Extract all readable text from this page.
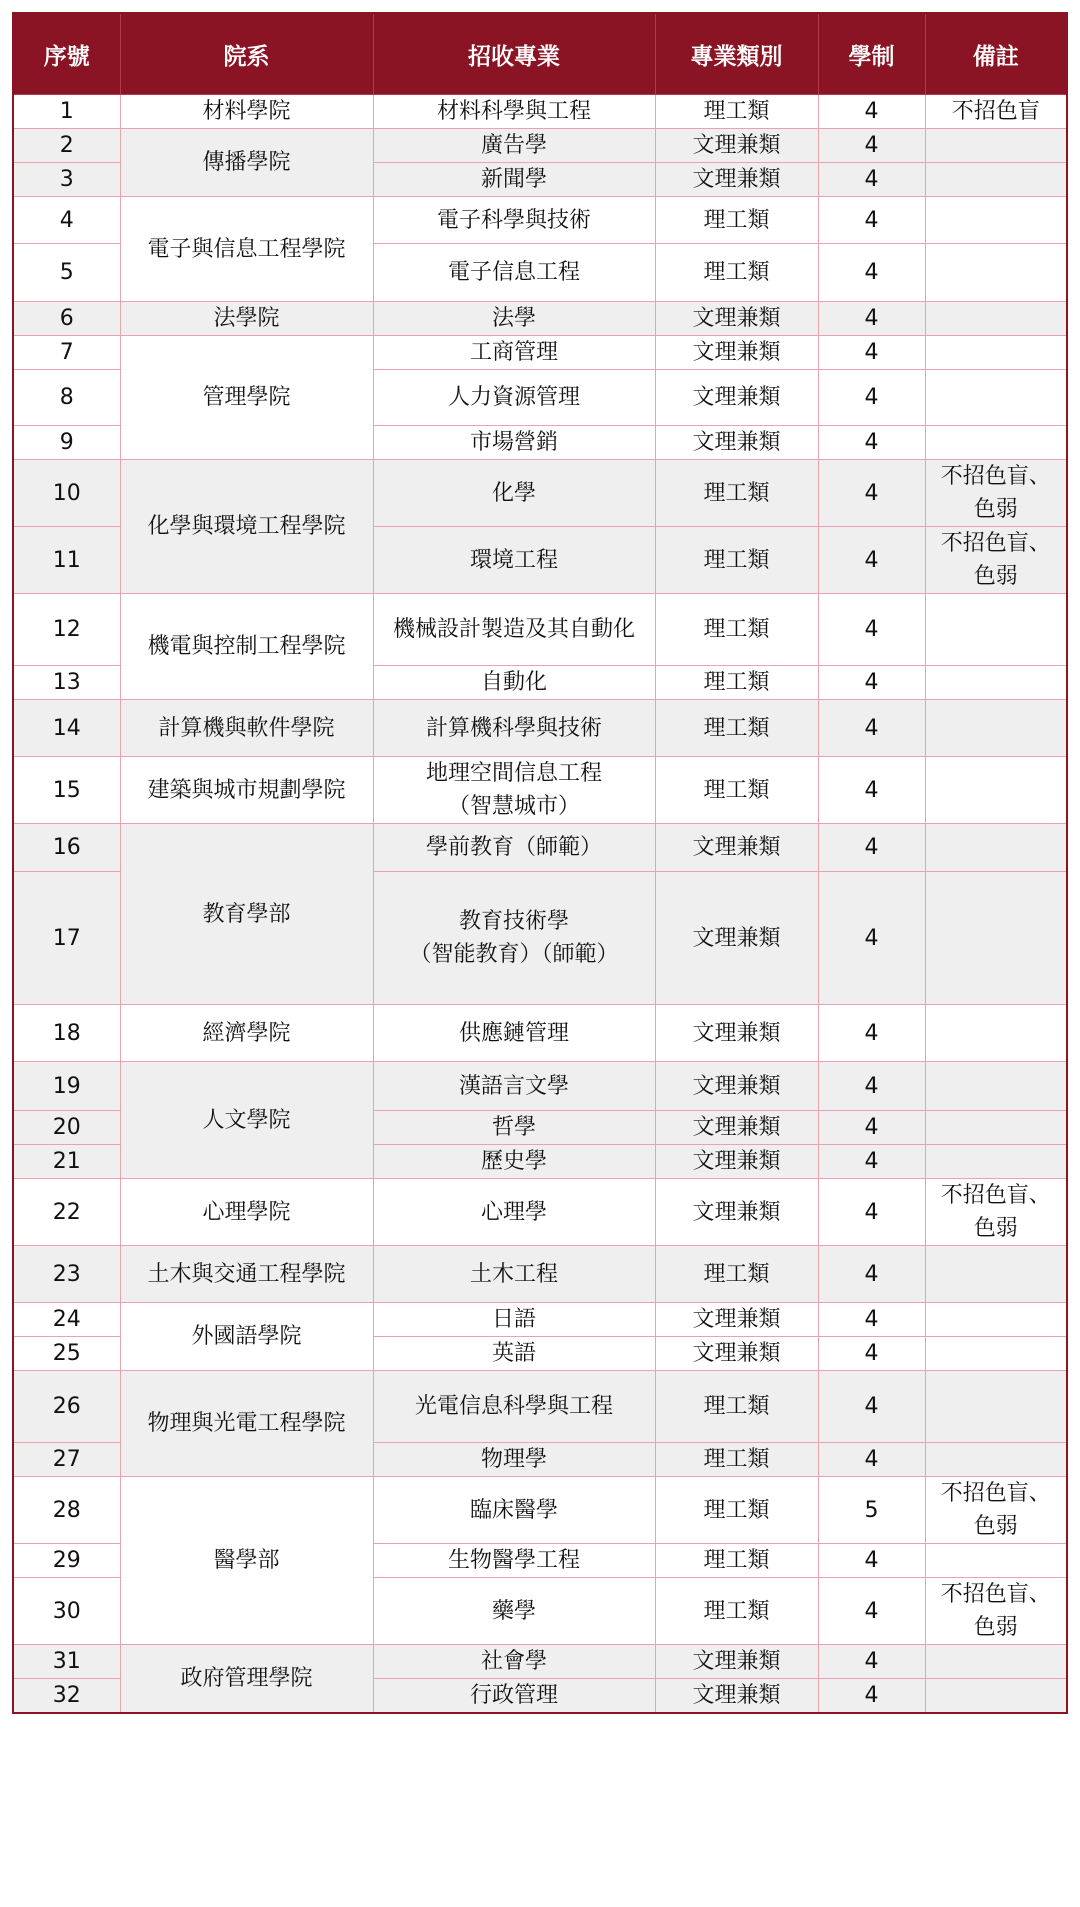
序號	院系	招收專業	專業類別	學制	備註
1	材料學院	材料科學與工程	理工類	4	不招色盲
2	傳播學院	廣告學	文理兼類	4	
3		新聞學	文理兼類	4	
4	電子與信息工程學院	電子科學與技術	理工類	4	
5		電子信息工程	理工類	4	
6	法學院	法學	文理兼類	4	
7	管理學院	工商管理	文理兼類	4	
8		人力資源管理	文理兼類	4	
9		市場營銷	文理兼類	4	
10	化學與環境工程學院	化學	理工類	4	不招色盲、
色弱
11		環境工程	理工類	4	不招色盲、
色弱
12	機電與控制工程學院	機械設計製造及其自動化	理工類	4	
13		自動化	理工類	4	
14	計算機與軟件學院	計算機科學與技術	理工類	4	
15	建築與城市規劃學院	地理空間信息工程
（智慧城市）	理工類	4	
16	教育學部	學前教育（師範）	文理兼類	4	
17		教育技術學
（智能教育）（師範）	文理兼類	4	
18	經濟學院	供應鏈管理	文理兼類	4	
19	人文學院	漢語言文學	文理兼類	4	
20		哲學	文理兼類	4	
21		歷史學	文理兼類	4	
22	心理學院	心理學	文理兼類	4	不招色盲、
色弱
23	土木與交通工程學院	土木工程	理工類	4	
24	外國語學院	日語	文理兼類	4	
25		英語	文理兼類	4	
26	物理與光電工程學院	光電信息科學與工程	理工類	4	
27		物理學	理工類	4	
28	醫學部	臨床醫學	理工類	5	不招色盲、
色弱
29		生物醫學工程	理工類	4	
30		藥學	理工類	4	不招色盲、
色弱
31	政府管理學院	社會學	文理兼類	4	
32		行政管理	文理兼類	4	
